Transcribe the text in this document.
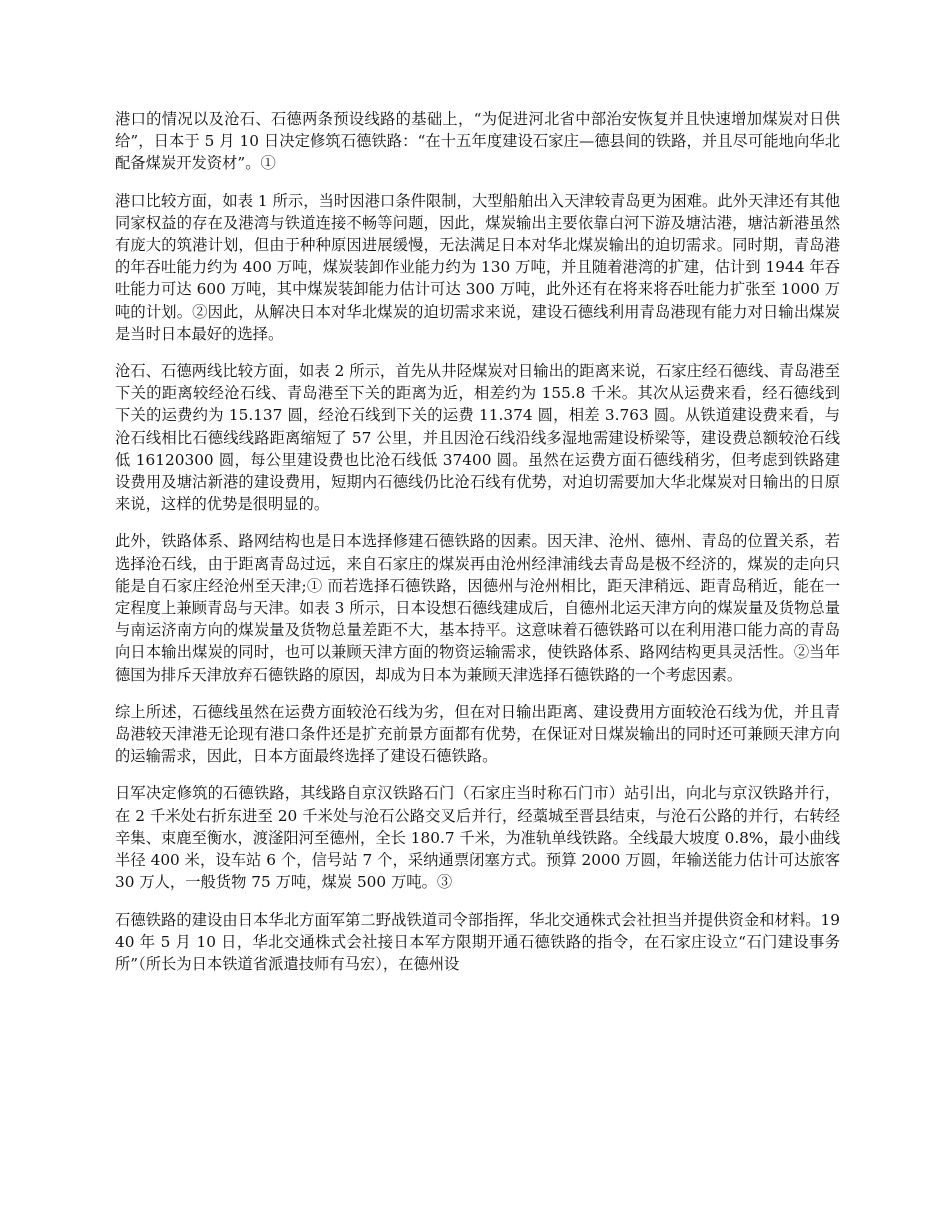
港口的情况以及沧石、石德两条预设线路的基础上，“为促进河北省中部治安恢复并且快速增加煤炭对日供给”，日本于 5 月 10 日决定修筑石德铁路：“在十五年度建设石家庄—德县间的铁路，并且尽可能地向华北配备煤炭开发资材”。①

港口比较方面，如表 1 所示，当时因港口条件限制，大型船舶出入天津较青岛更为困难。此外天津还有其他同家权益的存在及港湾与铁道连接不畅等问题，因此，煤炭输出主要依靠白河下游及塘沽港，塘沽新港虽然有庞大的筑港计划，但由于种种原因进展缓慢，无法满足日本对华北煤炭输出的迫切需求。同时期，青岛港的年吞吐能力约为 400 万吨，煤炭装卸作业能力约为 130 万吨，并且随着港湾的扩建，估计到 1944 年吞吐能力可达 600 万吨，其中煤炭装卸能力估计可达 300 万吨，此外还有在将来将吞吐能力扩张至 1000 万吨的计划。②因此，从解决日本对华北煤炭的迫切需求来说，建设石德线利用青岛港现有能力对日输出煤炭是当时日本最好的选择。

沧石、石德两线比较方面，如表 2 所示，首先从井陉煤炭对日输出的距离来说，石家庄经石德线、青岛港至下关的距离较经沧石线、青岛港至下关的距离为近，相差约为 155.8 千米。其次从运费来看，经石德线到下关的运费约为 15.137 圆，经沧石线到下关的运费 11.374 圆，相差 3.763 圆。从铁道建设费来看，与沧石线相比石德线线路距离缩短了 57 公里，并且因沧石线沿线多湿地需建设桥梁等，建设费总额较沧石线低 16120300 圆，每公里建设费也比沧石线低 37400 圆。虽然在运费方面石德线稍劣，但考虑到铁路建设费用及塘沽新港的建设费用，短期内石德线仍比沧石线有优势，对迫切需要加大华北煤炭对日输出的日原来说，这样的优势是很明显的。

此外，铁路体系、路网结构也是日本选择修建石德铁路的因素。因天津、沧州、德州、青岛的位置关系，若选择沧石线，由于距离青岛过远，来自石家庄的煤炭再由沧州经津浦线去青岛是极不经济的，煤炭的走向只能是自石家庄经沧州至天津;① 而若选择石德铁路，因德州与沧州相比，距天津稍远、距青岛稍近，能在一定程度上兼顾青岛与天津。如表 3 所示，日本设想石德线建成后，自德州北运天津方向的煤炭量及货物总量与南运济南方向的煤炭量及货物总量差距不大，基本持平。这意味着石德铁路可以在利用港口能力高的青岛向日本输出煤炭的同时，也可以兼顾天津方面的物资运输需求，使铁路体系、路网结构更具灵活性。②当年德国为排斥天津放弃石德铁路的原因，却成为日本为兼顾天津选择石德铁路的一个考虑因素。

综上所述，石德线虽然在运费方面较沧石线为劣，但在对日输出距离、建设费用方面较沧石线为优，并且青岛港较天津港无论现有港口条件还是扩充前景方面都有优势，在保证对日煤炭输出的同时还可兼顾天津方向的运输需求，因此，日本方面最终选择了建设石德铁路。

日军决定修筑的石德铁路，其线路自京汉铁路石门（石家庄当时称石门市）站引出，向北与京汉铁路并行，在 2 千米处右折东进至 20 千米处与沧石公路交叉后并行，经藁城至晋县结束，与沧石公路的并行，右转经辛集、束鹿至衡水，渡滏阳河至德州，全长 180.7 千米，为准轨单线铁路。全线最大坡度 0.8%，最小曲线半径 400 米，设车站 6 个，信号站 7 个，采纳通票闭塞方式。预算 2000 万圆，年输送能力估计可达旅客 30 万人，一般货物 75 万吨，煤炭 500 万吨。③

石德铁路的建设由日本华北方面军第二野战铁道司令部指挥，华北交通株式会社担当并提供资金和材料。1940 年 5 月 10 日，华北交通株式会社接日本军方限期开通石德铁路的指令，在石家庄设立“石门建设事务所”（所长为日本铁道省派遣技师有马宏），在德州设
